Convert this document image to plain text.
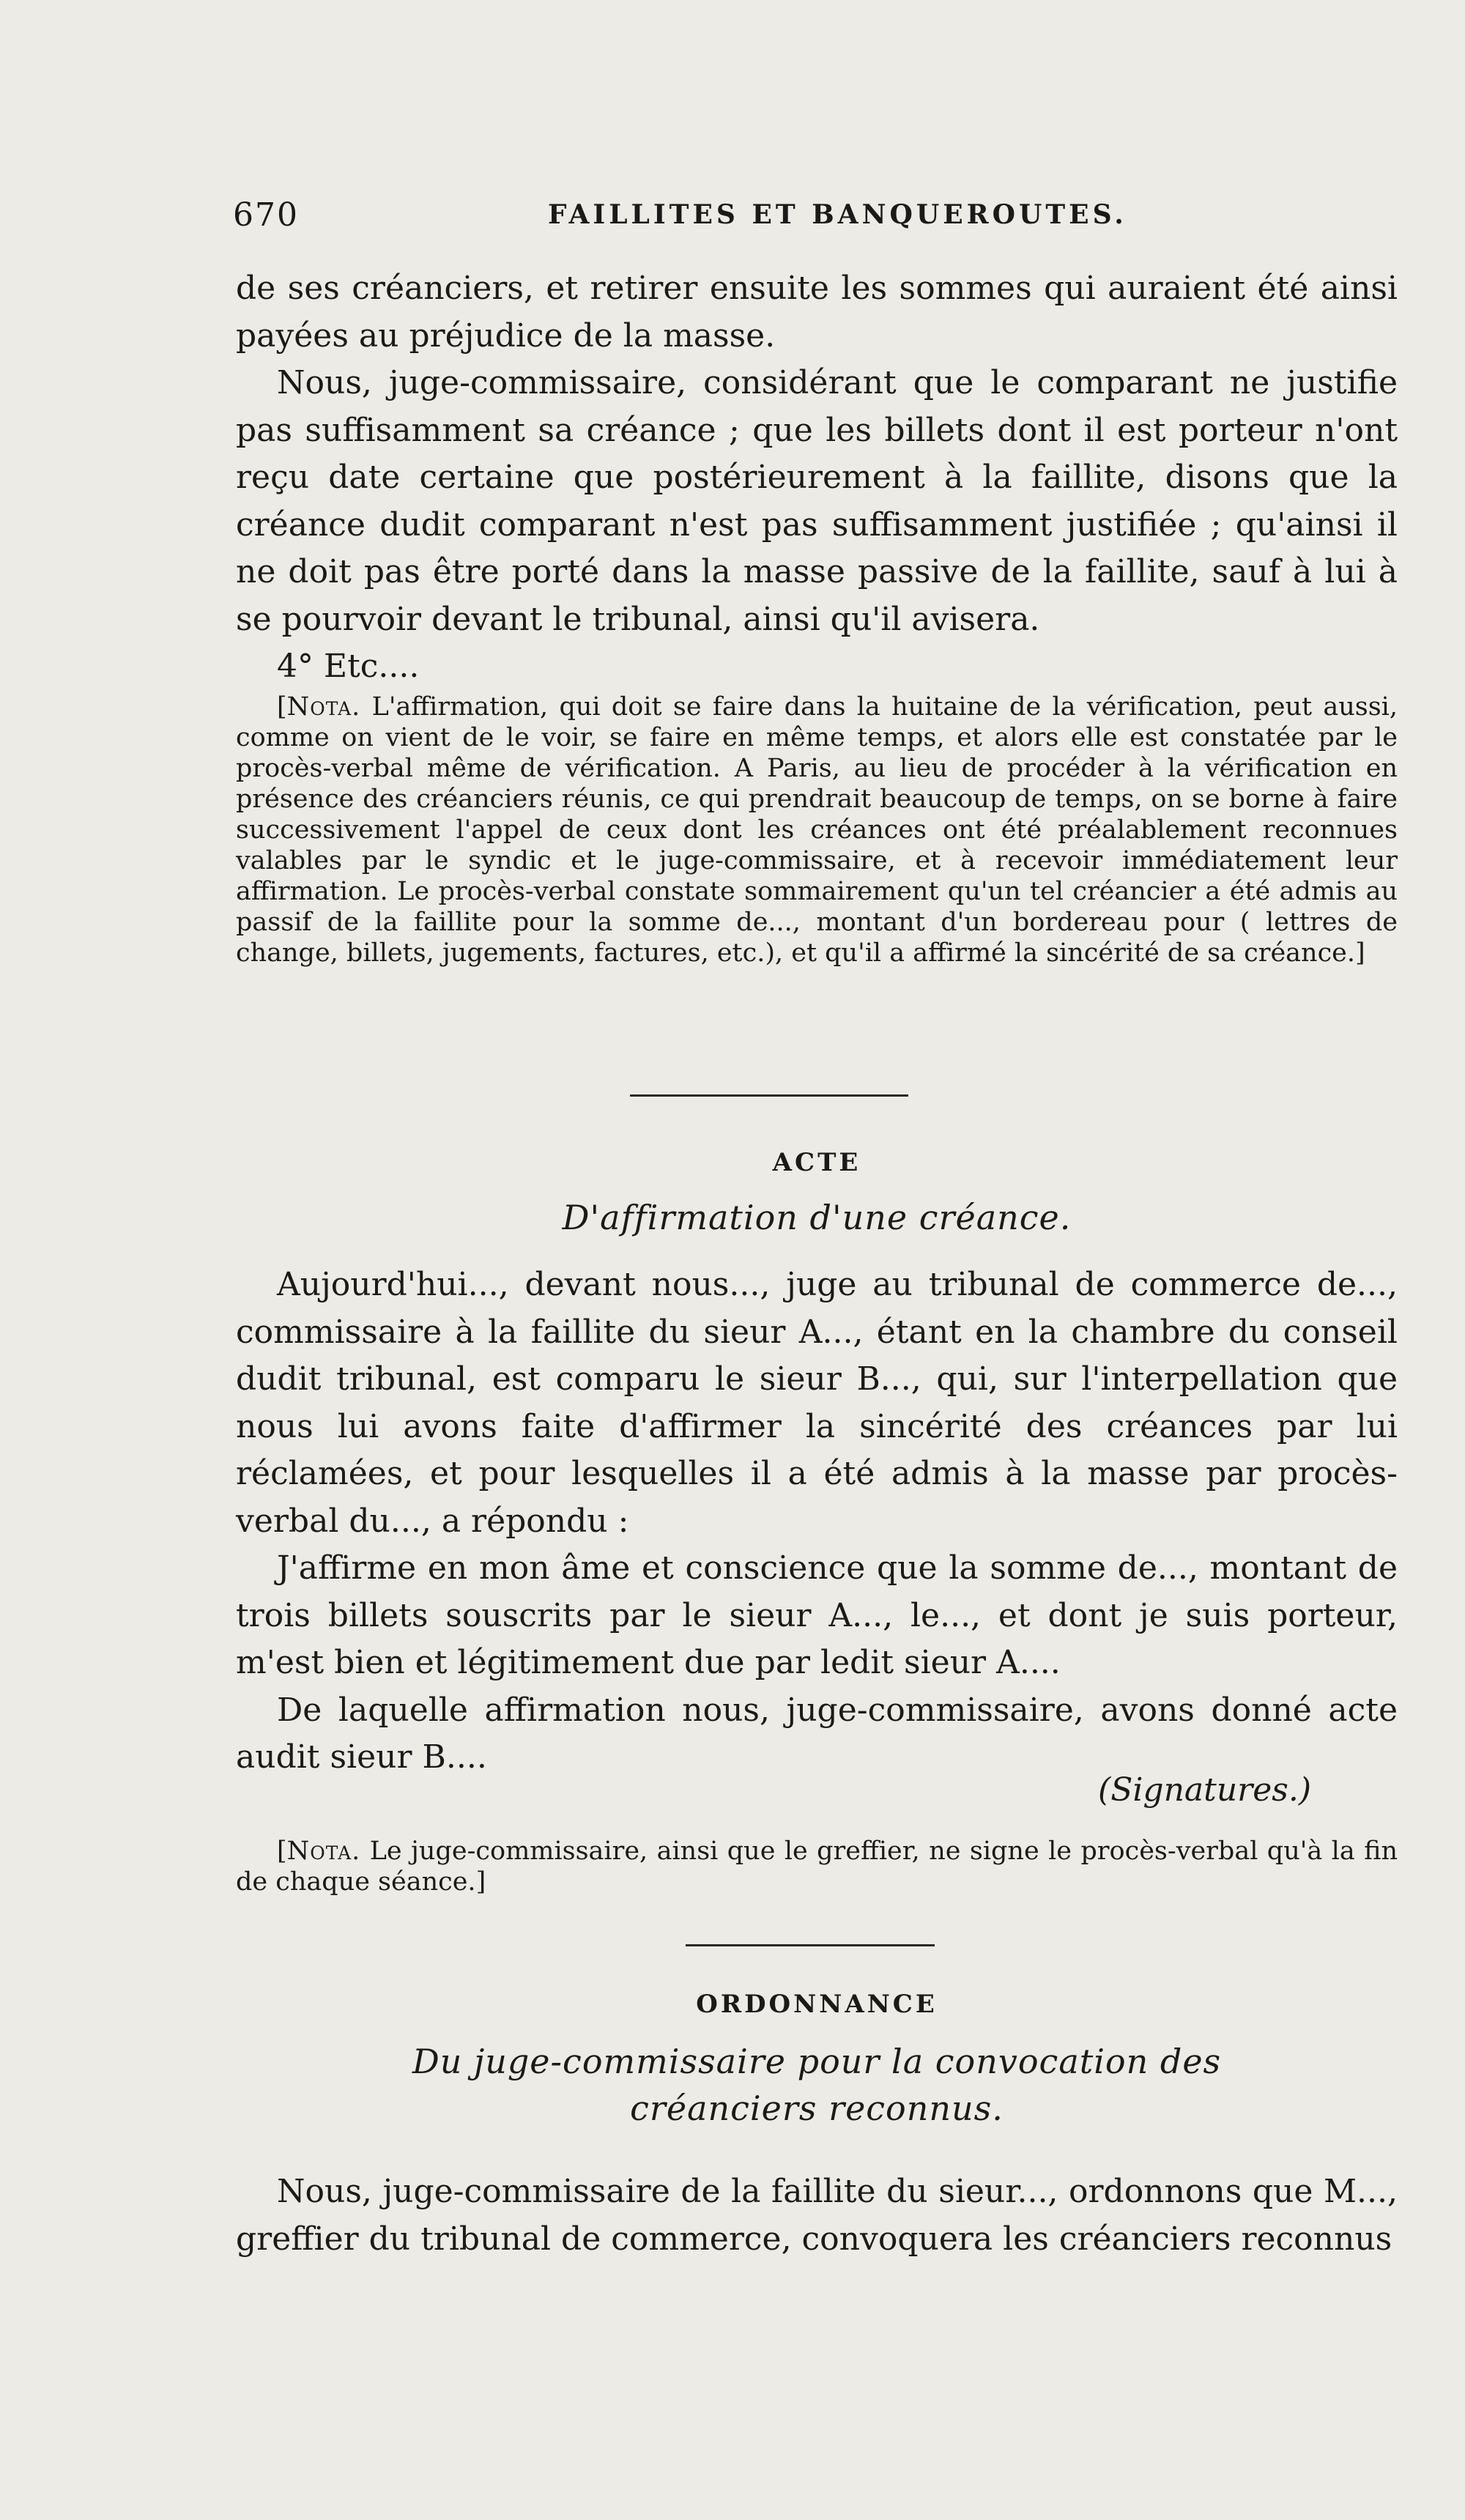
670	FAILLITES ET BANQUEROUTES.

de ses créanciers, et retirer ensuite les sommes qui auraient été ainsi payées au préjudice de la masse.

Nous, juge-commissaire, considérant que le comparant ne justifie pas suffisamment sa créance ; que les billets dont il est porteur n'ont reçu date certaine que postérieurement à la faillite, disons que la créance dudit comparant n'est pas suffisamment justifiée ; qu'ainsi il ne doit pas être porté dans la masse passive de la faillite, sauf à lui à se pourvoir devant le tribunal, ainsi qu'il avisera.

4° Etc....

[Nota. L'affirmation, qui doit se faire dans la huitaine de la vérification, peut aussi, comme on vient de le voir, se faire en même temps, et alors elle est constatée par le procès-verbal même de vérification. A Paris, au lieu de procéder à la vérification en présence des créanciers réunis, ce qui prendrait beaucoup de temps, on se borne à faire successivement l'appel de ceux dont les créances ont été préalablement reconnues valables par le syndic et le juge-commissaire, et à recevoir immédiatement leur affirmation. Le procès-verbal constate sommairement qu'un tel créancier a été admis au passif de la faillite pour la somme de..., montant d'un bordereau pour ( lettres de change, billets, jugements, factures, etc.), et qu'il a affirmé la sincérité de sa créance.]

ACTE
D'affirmation d'une créance.

Aujourd'hui..., devant nous..., juge au tribunal de commerce de..., commissaire à la faillite du sieur A..., étant en la chambre du conseil dudit tribunal, est comparu le sieur B..., qui, sur l'interpellation que nous lui avons faite d'affirmer la sincérité des créances par lui réclamées, et pour lesquelles il a été admis à la masse par procès-verbal du..., a répondu :

J'affirme en mon âme et conscience que la somme de..., montant de trois billets souscrits par le sieur A..., le..., et dont je suis porteur, m'est bien et légitimement due par ledit sieur A....

De laquelle affirmation nous, juge-commissaire, avons donné acte audit sieur B....

(Signatures.)

[Nota. Le juge-commissaire, ainsi que le greffier, ne signe le procès-verbal qu'à la fin de chaque séance.]

ORDONNANCE
Du juge-commissaire pour la convocation des créanciers reconnus.

Nous, juge-commissaire de la faillite du sieur..., ordonnons que M..., greffier du tribunal de commerce, convoquera les créanciers reconnus
